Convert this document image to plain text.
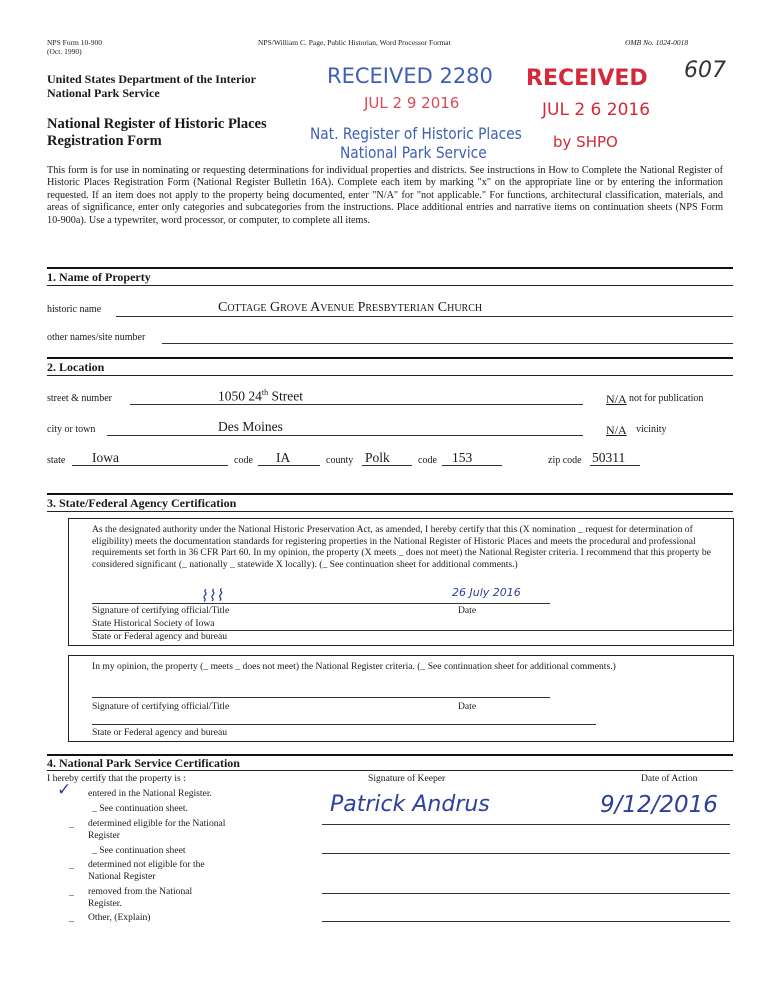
NPS Form 10-900
(Oct. 1990)
NPS/William C. Page, Public Historian, Word Processor Format	OMB No. 1024-0018
United States Department of the Interior
National Park Service
National Register of Historic Places
Registration Form
RECEIVED 2280
JUL 2 9 2016
Nat. Register of Historic Places
National Park Service
RECEIVED
JUL 2 6 2016
by SHPO
607
This form is for use in nominating or requesting determinations for individual properties and districts. See instructions in How to Complete the National Register of Historic Places Registration Form (National Register Bulletin 16A). Complete each item by marking "x" on the appropriate line or by entering the information requested. If an item does not apply to the property being documented, enter "N/A" for "not applicable." For functions, architectural classification, materials, and areas of significance, enter only categories and subcategories from the instructions. Place additional entries and narrative items on continuation sheets (NPS Form 10-900a). Use a typewriter, word processor, or computer, to complete all items.
1. Name of Property
historic name	Cottage Grove Avenue Presbyterian Church
other names/site number
2. Location
street & number	1050 24th Street	N/A not for publication
city or town	Des Moines	N/A vicinity
state Iowa	code IA	county Polk	code 153	zip code 50311
3. State/Federal Agency Certification
As the designated authority under the National Historic Preservation Act, as amended, I hereby certify that this (X nomination _ request for determination of eligibility) meets the documentation standards for registering properties in the National Register of Historic Places and meets the procedural and professional requirements set forth in 36 CFR Part 60. In my opinion, the property (X meets _ does not meet) the National Register criteria. I recommend that this property be considered significant (_ nationally _ statewide X locally). (_ See continuation sheet for additional comments.)
⌇⌇⌇	26 July 2016
Signature of certifying official/Title	Date
State Historical Society of Iowa
State or Federal agency and bureau
In my opinion, the property (_ meets _ does not meet) the National Register criteria. (_ See continuation sheet for additional comments.)
Signature of certifying official/Title	Date
State or Federal agency and bureau
4. National Park Service Certification
I hereby certify that the property is :
✓ entered in the National Register.
_ See continuation sheet.
_ determined eligible for the National Register
_ See continuation sheet
_ determined not eligible for the National Register
_ removed from the National Register.
_ Other, (Explain)
Signature of Keeper	Date of Action
Patrick Andrus	9/12/2016
